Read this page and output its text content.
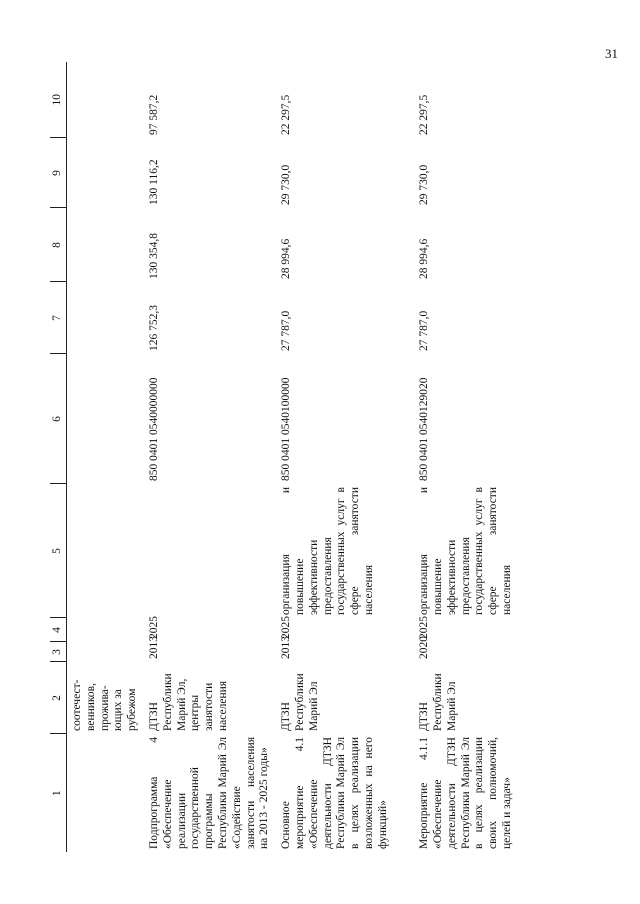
31
1	2	3	4	5	6	7	8	9	10
	соотечест-венников, прожива-ющих за рубежом								
Подпрограмма 4 «Обеспечение реализации государственной программы Республики Марий Эл «Содействие занятости населения на 2013 - 2025 годы»	ДТЗН Республики Марий Эл, центры занятости населения	2013	2025		850 0401 0540000000	126 752,3	130 354,8	130 116,2	97 587,2
Основное мероприятие 4.1 «Обеспечение деятельности ДТЗН Республики Марий Эл в целях реализации возложенных на него функций»	ДТЗН Республики Марий Эл	2013	2025	организация и повышение эффективности предоставления государственных услуг в сфере занятости населения	850 0401 0540100000	27 787,0	28 994,6	29 730,0	22 297,5
Мероприятие 4.1.1 «Обеспечение деятельности ДТЗН Республики Марий Эл в целях реализации своих полномочий, целей и задач»	ДТЗН Республики Марий Эл	2020	2025	организация и повышение эффективности предоставления государственных услуг в сфере занятости населения	850 0401 0540129020	27 787,0	28 994,6	29 730,0	22 297,5
